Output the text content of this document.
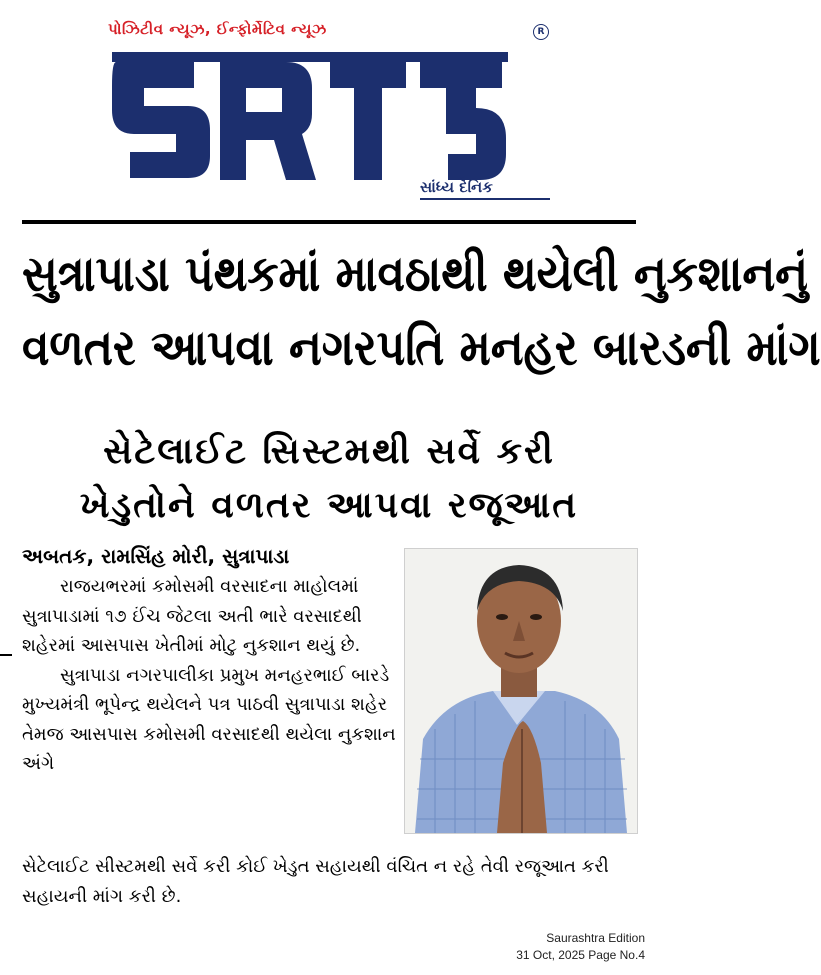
પોઝિટીવ ન્યૂઝ, ઈન્ફોર્મેટિવ ન્યૂઝ	R
સાંધ્ય દૈનિક
સુત્રાપાડા પંથકમાં માવઠાથી થયેલી નુકશાનનું
વળતર આપવા નગરપતિ મનહર બારડની માંગ
સેટેલાઈટ સિસ્ટમથી સર્વે કરી
ખેડુતોને વળતર આપવા રજૂઆત
અબતક, રામસિંહ મોરી, સુત્રાપાડા

રાજયભરમાં કમોસમી વરસાદના માહોલમાં સુત્રાપાડામાં ૧૭ ઈંચ જેટલા અતી ભારે વરસાદથી શહેરમાં આસપાસ ખેતીમાં મોટુ નુકશાન થયું છે.

સુત્રાપાડા નગરપાલીકા પ્રમુખ મનહરભાઈ બારડે મુખ્યમંત્રી ભૂપેન્દ્ર થયેલને પત્ર પાઠવી સુત્રાપાડા શહેર તેમજ આસપાસ કમોસમી વરસાદથી થયેલા નુકશાન અંગે

સેટેલાઈટ સીસ્ટમથી સર્વે કરી કોઈ ખેડુત સહાયથી વંચિત ન રહે તેવી રજૂઆત કરી સહાયની માંગ કરી છે.

Saurashtra Edition
31 Oct, 2025 Page No.4
